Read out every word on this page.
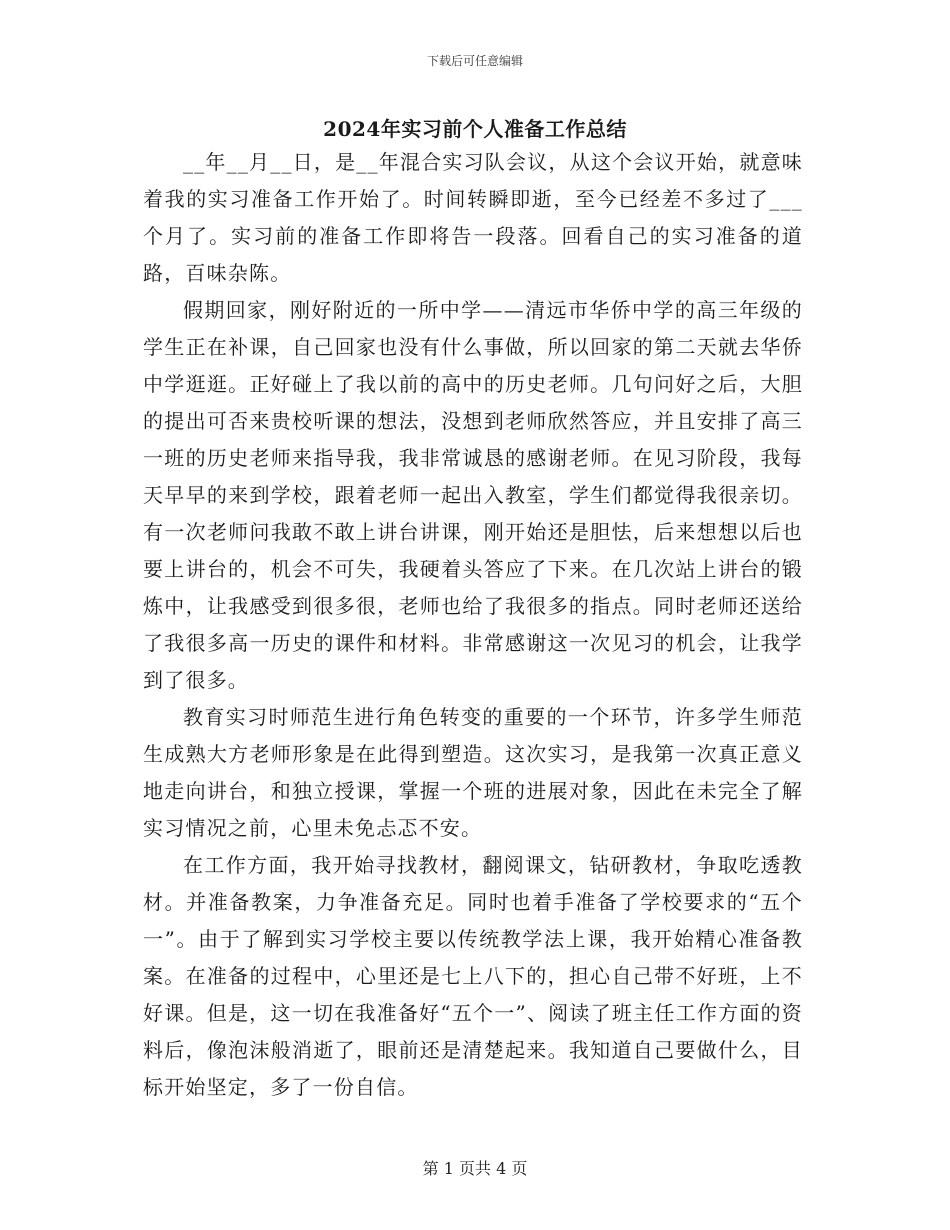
下载后可任意编辑
2024年实习前个人准备工作总结

__年__月__日，是__年混合实习队会议，从这个会议开始，就意味着我的实习准备工作开始了。时间转瞬即逝，至今已经差不多过了___个月了。实习前的准备工作即将告一段落。回看自己的实习准备的道路，百味杂陈。

假期回家，刚好附近的一所中学——清远市华侨中学的高三年级的学生正在补课，自己回家也没有什么事做，所以回家的第二天就去华侨中学逛逛。正好碰上了我以前的高中的历史老师。几句问好之后，大胆的提出可否来贵校听课的想法，没想到老师欣然答应，并且安排了高三一班的历史老师来指导我，我非常诚恳的感谢老师。在见习阶段，我每天早早的来到学校，跟着老师一起出入教室，学生们都觉得我很亲切。有一次老师问我敢不敢上讲台讲课，刚开始还是胆怯，后来想想以后也要上讲台的，机会不可失，我硬着头答应了下来。在几次站上讲台的锻炼中，让我感受到很多很，老师也给了我很多的指点。同时老师还送给了我很多高一历史的课件和材料。非常感谢这一次见习的机会，让我学到了很多。

教育实习时师范生进行角色转变的重要的一个环节，许多学生师范生成熟大方老师形象是在此得到塑造。这次实习，是我第一次真正意义地走向讲台，和独立授课，掌握一个班的进展对象，因此在未完全了解实习情况之前，心里未免忐忑不安。

在工作方面，我开始寻找教材，翻阅课文，钻研教材，争取吃透教材。并准备教案，力争准备充足。同时也着手准备了学校要求的“五个一”。由于了解到实习学校主要以传统教学法上课，我开始精心准备教案。在准备的过程中，心里还是七上八下的，担心自己带不好班，上不好课。但是，这一切在我准备好“五个一”、阅读了班主任工作方面的资料后，像泡沫般消逝了，眼前还是清楚起来。我知道自己要做什么，目标开始坚定，多了一份自信。

第 1 页共 4 页
